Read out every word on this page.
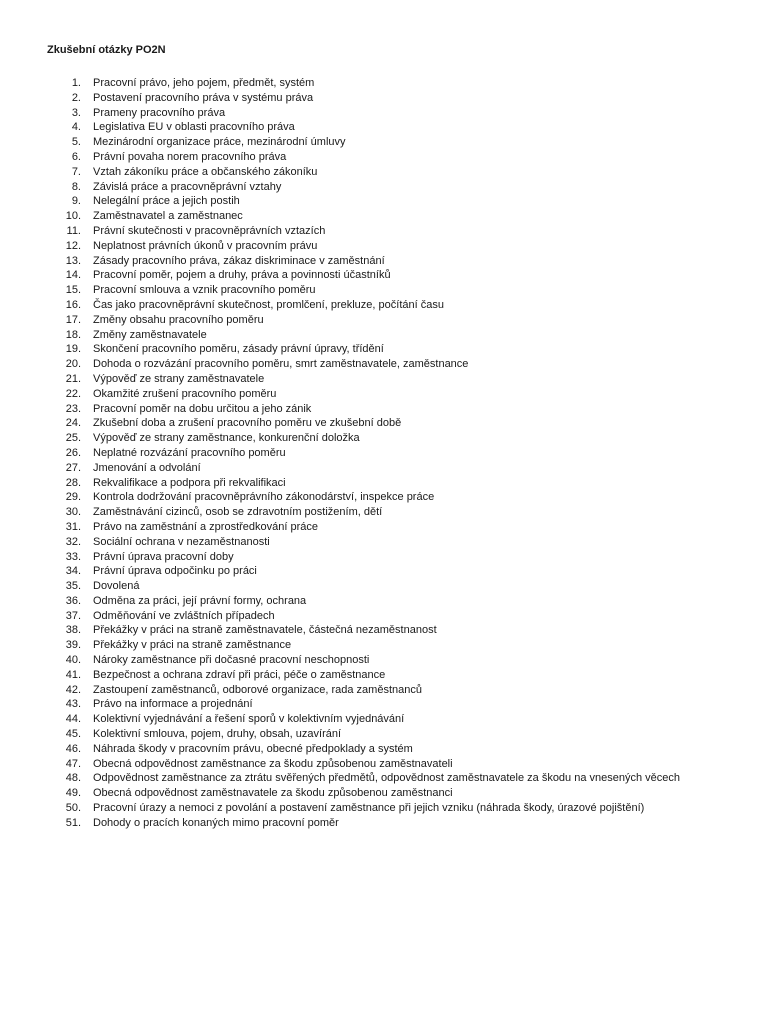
Zkušební otázky PO2N
1. Pracovní právo, jeho pojem, předmět, systém
2. Postavení pracovního práva v systému práva
3. Prameny pracovního práva
4. Legislativa EU v oblasti pracovního práva
5. Mezinárodní organizace práce, mezinárodní úmluvy
6. Právní povaha norem pracovního práva
7. Vztah zákoníku práce a občanského zákoníku
8. Závislá práce a pracovněprávní vztahy
9. Nelegální práce a jejich postih
10. Zaměstnavatel a zaměstnanec
11. Právní skutečnosti v pracovněprávních vztazích
12. Neplatnost právních úkonů v pracovním právu
13. Zásady pracovního práva, zákaz diskriminace v zaměstnání
14. Pracovní poměr, pojem a druhy, práva a povinnosti účastníků
15. Pracovní smlouva a vznik pracovního poměru
16. Čas jako pracovněprávní skutečnost, promlčení, prekluze, počítání času
17. Změny obsahu pracovního poměru
18. Změny zaměstnavatele
19. Skončení pracovního poměru, zásady právní úpravy, třídění
20. Dohoda o rozvázání pracovního poměru, smrt zaměstnavatele, zaměstnance
21. Výpověď ze strany zaměstnavatele
22. Okamžité zrušení pracovního poměru
23. Pracovní poměr na dobu určitou a jeho zánik
24. Zkušební doba a zrušení pracovního poměru ve zkušební době
25. Výpověď ze strany zaměstnance, konkurenční doložka
26. Neplatné rozvázání pracovního poměru
27. Jmenování a odvolání
28. Rekvalifikace a podpora při rekvalifikaci
29. Kontrola dodržování pracovněprávního zákonodárství, inspekce práce
30. Zaměstnávání cizinců, osob se zdravotním postižením, dětí
31. Právo na zaměstnání a zprostředkování práce
32. Sociální ochrana v nezaměstnanosti
33. Právní úprava pracovní doby
34. Právní úprava odpočinku po práci
35. Dovolená
36. Odměna za práci, její právní formy, ochrana
37. Odměňování ve zvláštních případech
38. Překážky v práci na straně zaměstnavatele, částečná nezaměstnanost
39. Překážky v práci na straně zaměstnance
40. Nároky zaměstnance při dočasné pracovní neschopnosti
41. Bezpečnost a ochrana zdraví při práci, péče o zaměstnance
42. Zastoupení zaměstnanců, odborové organizace, rada zaměstnanců
43. Právo na informace a projednání
44. Kolektivní vyjednávání a řešení sporů v kolektivním vyjednávání
45. Kolektivní smlouva, pojem, druhy, obsah, uzavírání
46. Náhrada škody v pracovním právu, obecné předpoklady a systém
47. Obecná odpovědnost zaměstnance za škodu způsobenou zaměstnavateli
48. Odpovědnost zaměstnance za ztrátu svěřených předmětů, odpovědnost zaměstnavatele za škodu na vnesených věcech
49. Obecná odpovědnost zaměstnavatele za škodu způsobenou zaměstnanci
50. Pracovní úrazy a nemoci z povolání a postavení zaměstnance při jejich vzniku (náhrada škody, úrazové pojištění)
51. Dohody o pracích konaných mimo pracovní poměr
